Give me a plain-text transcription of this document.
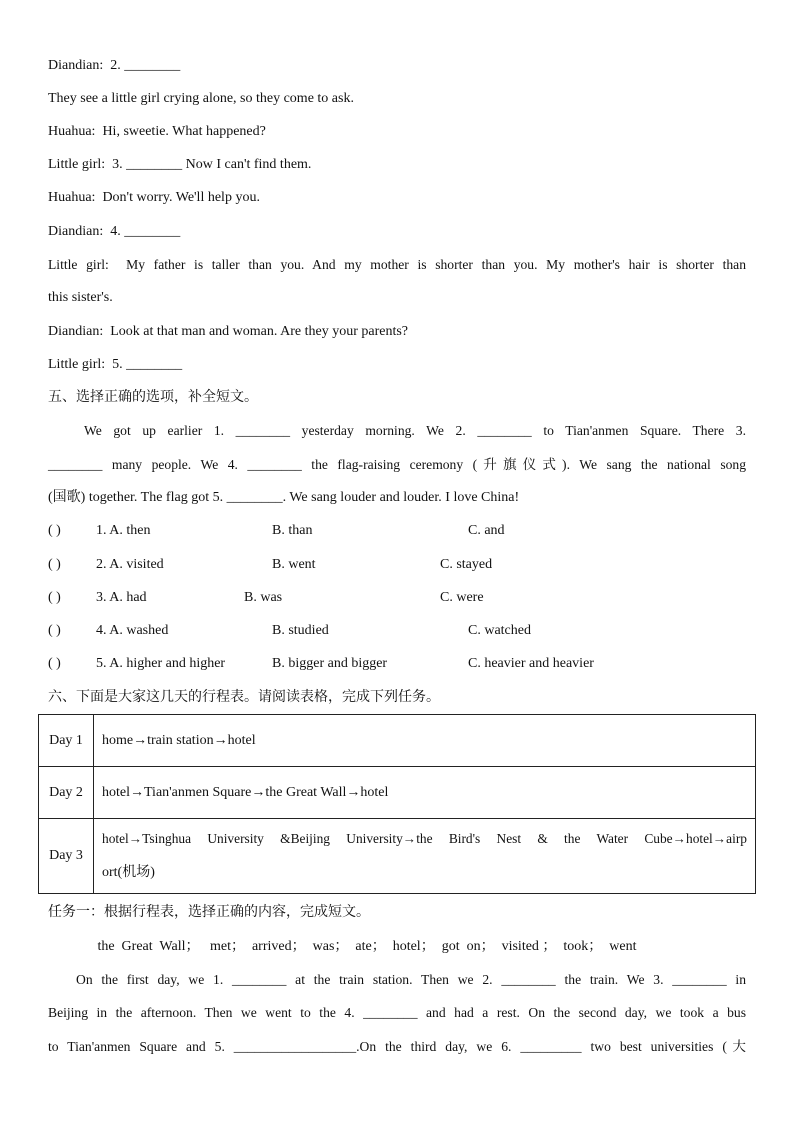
Diandian: 2. ________
They see a little girl crying alone, so they come to ask.
Huahua: Hi, sweetie. What happened?
Little girl: 3. ________ Now I can't find them.
Huahua: Don't worry. We'll help you.
Diandian: 4. ________
Little girl: My father is taller than you. And my mother is shorter than you. My mother's hair is shorter than
this sister's.
Diandian: Look at that man and woman. Are they your parents?
Little girl: 5. ________
五、选择正确的选项，补全短文。
We got up earlier 1. ________ yesterday morning. We 2. ________ to Tian'anmen Square. There 3.
________ many people. We 4. ________ the flag-raising ceremony (升旗仪式). We sang the national song
(国歌) together. The flag got 5. ________. We sang louder and louder. I love China!
( )	1. A. then	B. than	C. and
( )	2. A. visited	B. went	C. stayed
( )	3. A. had	B. was	C. were
( )	4. A. washed	B. studied	C. watched
( )	5. A. higher and higher	B. bigger and bigger	C. heavier and heavier
六、下面是大家这几天的行程表。请阅读表格，完成下列任务。
Day 1	home→train station→hotel
Day 2	hotel→Tian'anmen Square→the Great Wall→hotel
Day 3	hotel→Tsinghua University &Beijing University→the Bird's Nest & the Water Cube→hotel→airp
ort(机场)
任务一：根据行程表，选择正确的内容，完成短文。
the  Great  Wall；   met；  arrived；  was；  ate；  hotel；  got  on；  visited ；  took；  went
On the first day, we 1. ________ at the train station. Then we 2. ________ the train. We 3. ________ in
Beijing in the afternoon. Then we went to the 4. ________ and had a rest. On the second day, we took a bus
to Tian'anmen Square and 5. __________________.On the third day, we 6. _________ two best universities (大
